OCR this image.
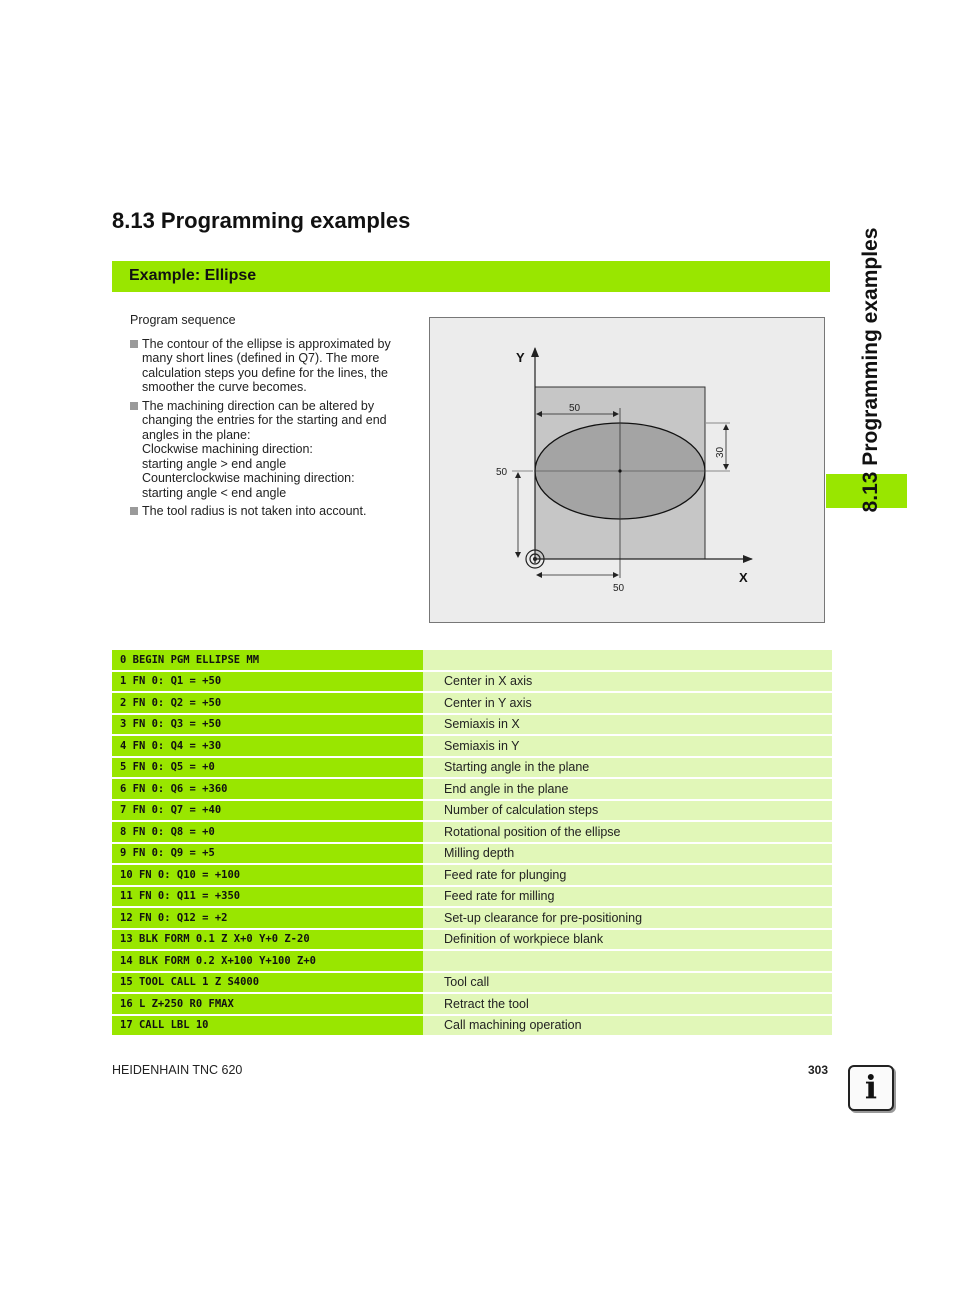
8.13 Programming examples
Example: Ellipse	8.13 Programming examples

Program sequence

The contour of the ellipse is approximated by
many short lines (defined in Q7). The more
calculation steps you define for the lines, the
smoother the curve becomes.
The machining direction can be altered by
changing the entries for the starting and end
angles in the plane:
Clockwise machining direction:
starting angle > end angle
Counterclockwise machining direction:
starting angle < end angle
The tool radius is not taken into account.
Y
X
50
50
30
50
0 BEGIN PGM ELLIPSE MM	
1 FN 0: Q1 = +50	Center in X axis
2 FN 0: Q2 = +50	Center in Y axis
3 FN 0: Q3 = +50	Semiaxis in X
4 FN 0: Q4 = +30	Semiaxis in Y
5 FN 0: Q5 = +0	Starting angle in the plane
6 FN 0: Q6 = +360	End angle in the plane
7 FN 0: Q7 = +40	Number of calculation steps
8 FN 0: Q8 = +0	Rotational position of the ellipse
9 FN 0: Q9 = +5	Milling depth
10 FN 0: Q10 = +100	Feed rate for plunging
11 FN 0: Q11 = +350	Feed rate for milling
12 FN 0: Q12 = +2	Set-up clearance for pre-positioning
13 BLK FORM 0.1 Z X+0 Y+0 Z-20	Definition of workpiece blank
14 BLK FORM 0.2 X+100 Y+100 Z+0	
15 TOOL CALL 1 Z S4000	Tool call
16 L Z+250 R0 FMAX	Retract the tool
17 CALL LBL 10	Call machining operation
HEIDENHAIN TNC 620	303	i
